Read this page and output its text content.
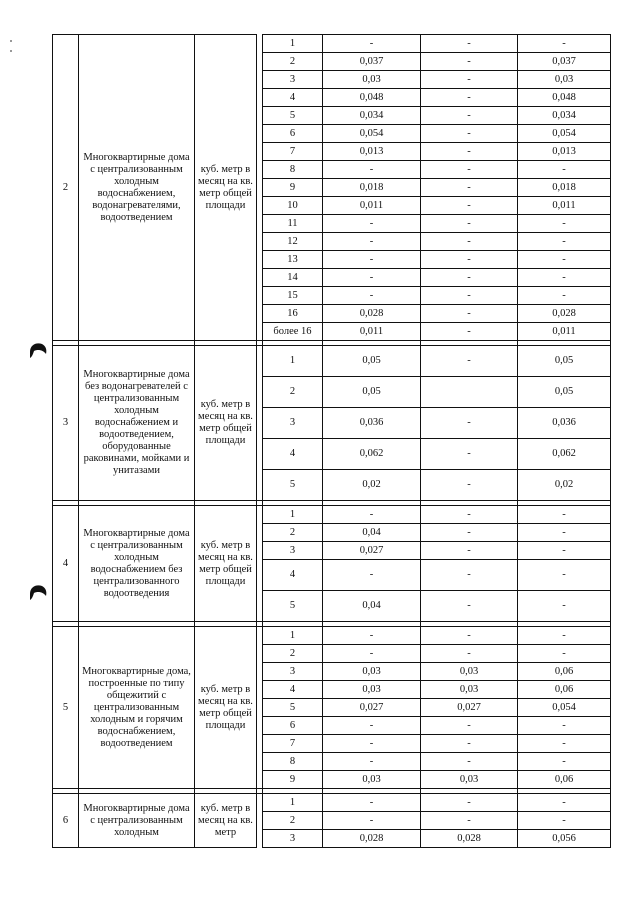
2	Многоквартирные дома с централизованным холодным водоснабжением, водонагревателями, водоотведением	куб. метр в месяц на кв. метр общей площади		1	-	-	-
				2	0,037	-	0,037
				3	0,03	-	0,03
				4	0,048	-	0,048
				5	0,034	-	0,034
				6	0,054	-	0,054
				7	0,013	-	0,013
				8	-	-	-
				9	0,018	-	0,018
				10	0,011	-	0,011
				11	-	-	-
				12	-	-	-
				13	-	-	-
				14	-	-	-
				15	-	-	-
				16	0,028	-	0,028
				более 16	0,011	-	0,011

3	Многоквартирные дома без водонагревателей с централизованным холодным водоснабжением и водоотведением, оборудованные раковинами, мойками и унитазами	куб. метр в месяц на кв. метр общей площади		1	0,05	-	0,05
				2	0,05		0,05
				3	0,036	-	0,036
				4	0,062	-	0,062
				5	0,02	-	0,02

4	Многоквартирные дома с централизованным холодным водоснабжением без централизованного водоотведения	куб. метр в месяц на кв. метр общей площади		1	-	-	-
				2	0,04	-	-
				3	0,027	-	-
				4	-	-	-
				5	0,04	-	-

5	Многоквартирные дома, построенные по типу общежитий с централизованным холодным и горячим водоснабжением, водоотведением	куб. метр в месяц на кв. метр общей площади		1	-	-	-
				2	-	-	-
				3	0,03	0,03	0,06
				4	0,03	0,03	0,06
				5	0,027	0,027	0,054
				6	-	-	-
				7	-	-	-
				8	-	-	-
				9	0,03	0,03	0,06

6	Многоквартирные дома с централизованным холодным	куб. метр в месяц на кв. метр		1	-	-	-
				2	-	-	-
				3	0,028	0,028	0,056
